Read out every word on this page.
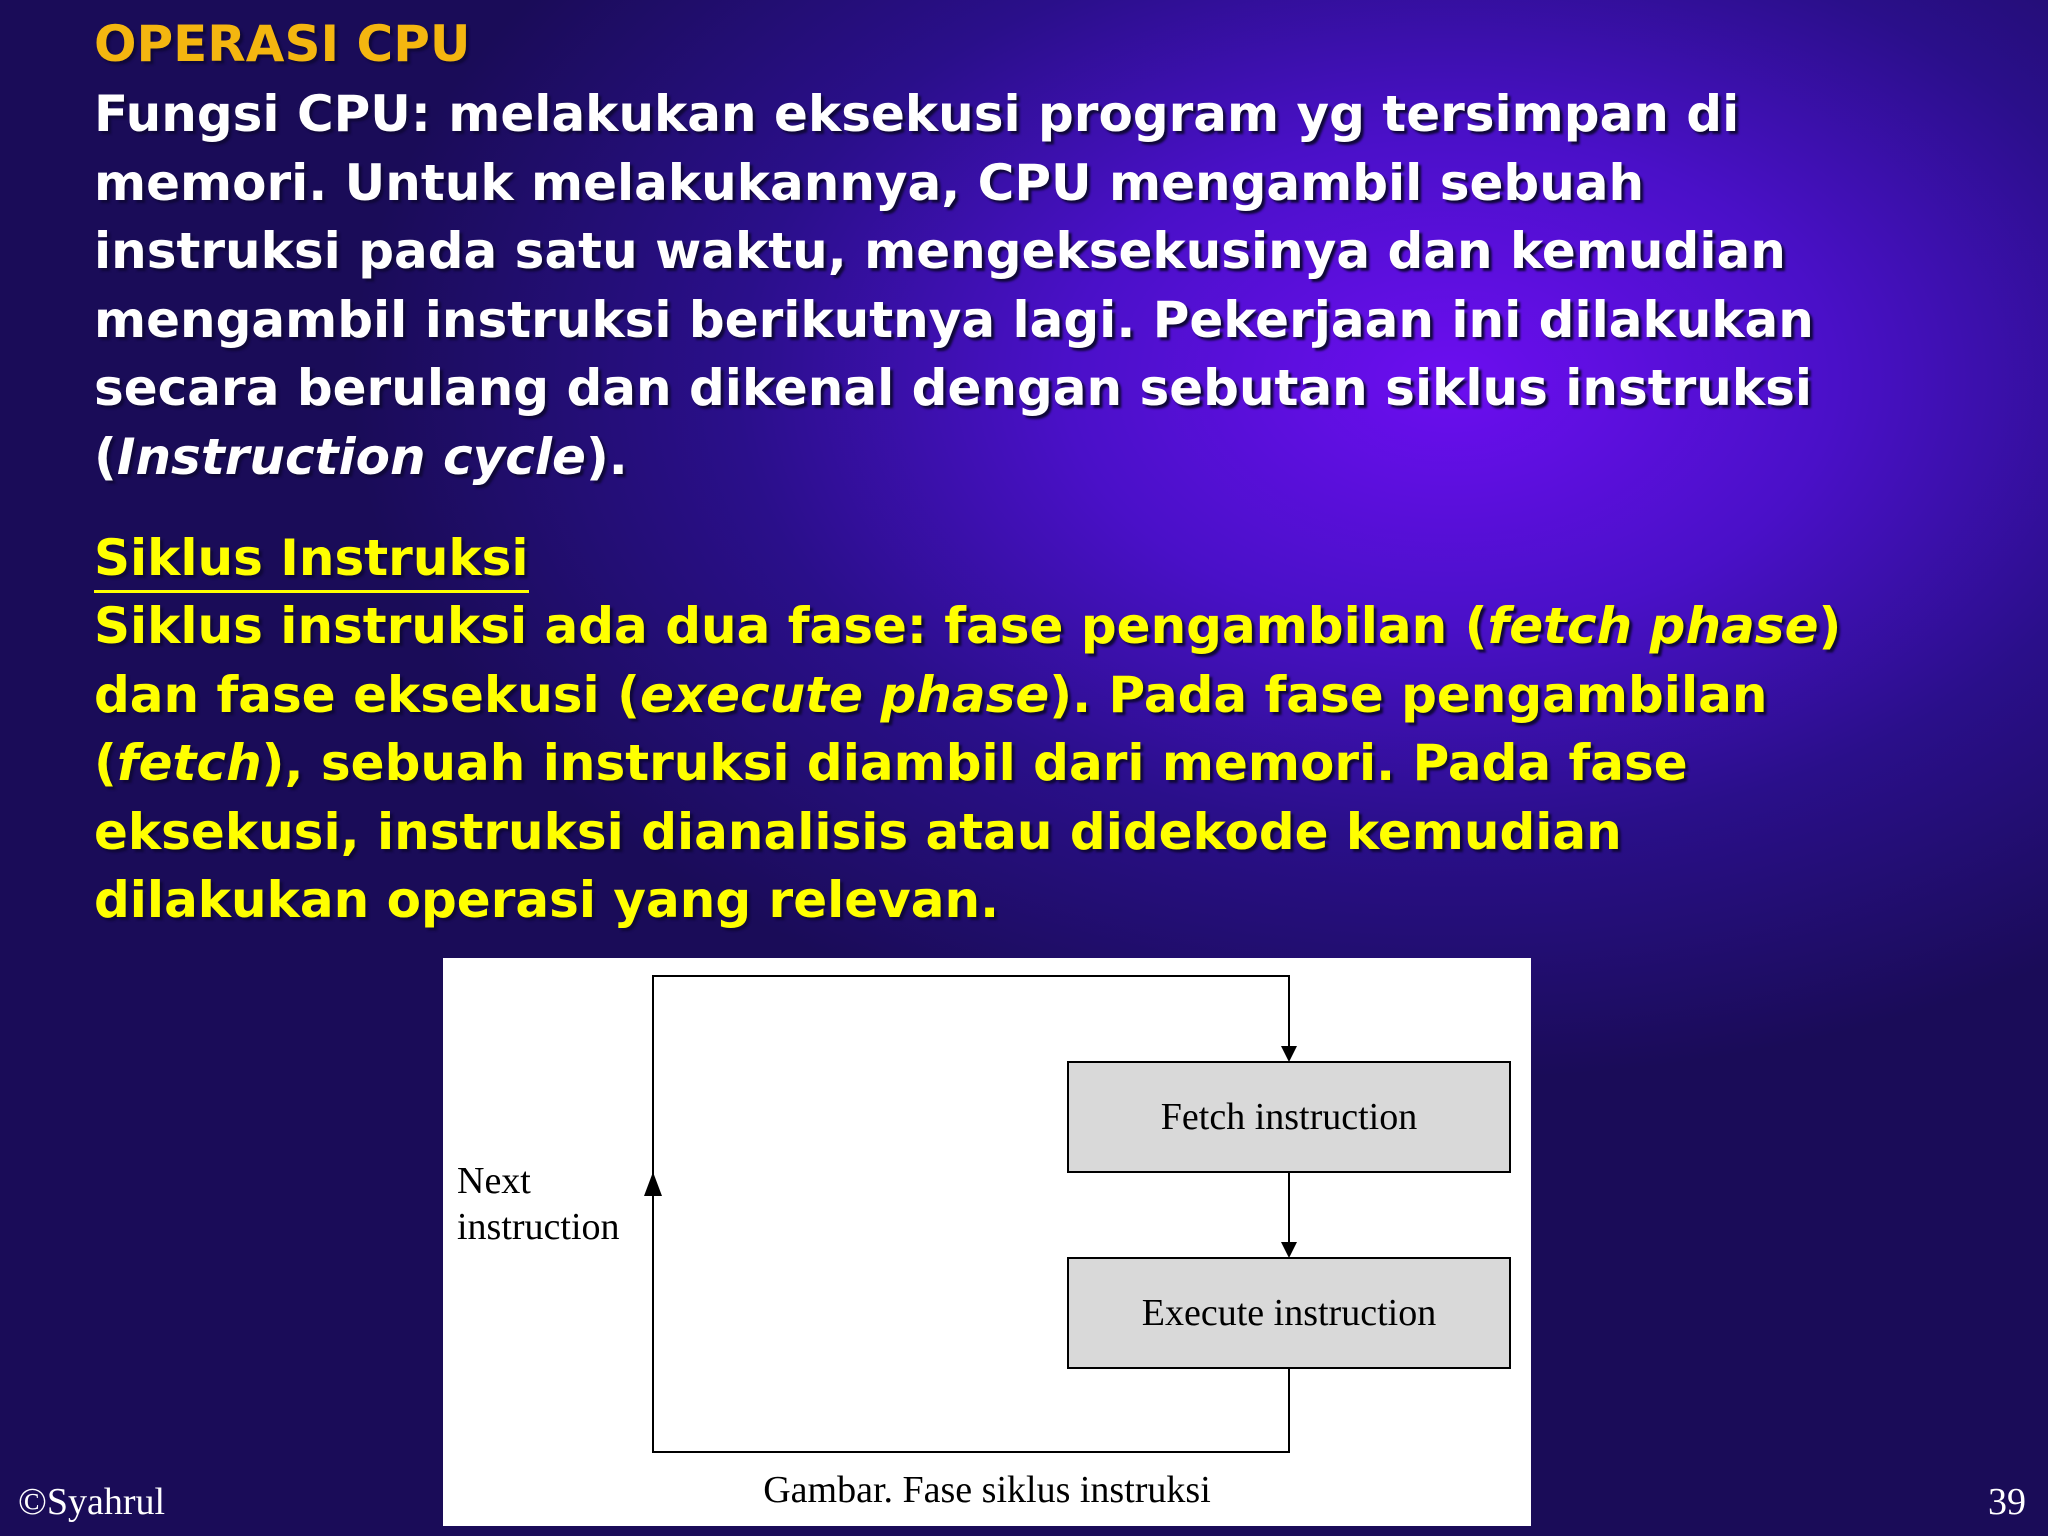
OPERASI CPU
Fungsi CPU: melakukan eksekusi program yg tersimpan di
memori. Untuk melakukannya, CPU mengambil sebuah
instruksi pada satu waktu, mengeksekusinya dan kemudian
mengambil instruksi berikutnya lagi. Pekerjaan ini dilakukan
secara berulang dan dikenal dengan sebutan siklus instruksi
(Instruction cycle).
Siklus Instruksi
Siklus instruksi ada dua fase: fase pengambilan (fetch phase)
dan fase eksekusi (execute phase). Pada fase pengambilan
(fetch), sebuah instruksi diambil dari memori. Pada fase
eksekusi, instruksi dianalisis atau didekode kemudian
dilakukan operasi yang relevan.
Fetch instruction
Execute instruction

Next
instruction

Gambar. Fase siklus instruksi
©Syahrul	39
